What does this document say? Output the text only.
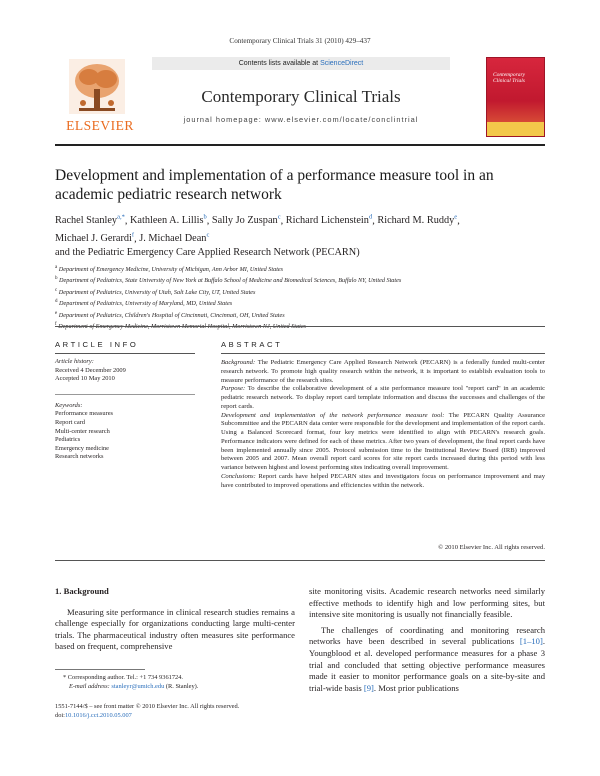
Contemporary Clinical Trials 31 (2010) 429–437
ELSEVIER
Contents lists available at ScienceDirect
Contemporary Clinical Trials
journal homepage: www.elsevier.com/locate/conclintrial
Contemporary Clinical Trials
Development and implementation of a performance measure tool in an academic pediatric research network
Rachel Stanley$^{a,*}$, Kathleen A. Lillis$^b$, Sally Jo Zuspan$^c$, Richard Lichenstein$^d$, Richard M. Ruddy$^e$,
Michael J. Gerardi$^f$, J. Michael Dean$^c$
and the Pediatric Emergency Care Applied Research Network (PECARN)
$^a$ Department of Emergency Medicine, University of Michigan, Ann Arbor MI, United States
$^b$ Department of Pediatrics, State University of New York at Buffalo School of Medicine and Biomedical Sciences, Buffalo NY, United States
$^c$ Department of Pediatrics, University of Utah, Salt Lake City, UT, United States
$^d$ Department of Pediatrics, University of Maryland, MD, United States
$^e$ Department of Pediatrics, Children's Hospital of Cincinnati, Cincinnati, OH, United States
$^f$
ARTICLE INFO
Article history:
Received 4 December 2009
Accepted 10 May 2010
Keywords:
Performance measures
Report card
Multi-center research
Pediatrics
Emergency medicine
Research networks
ABSTRACT

Background: The Pediatric Emergency Care Applied Research Network (PECARN) is a federally funded multi-center research network. To promote high quality research within the network, it is important to establish evaluation tools to measure performance of the research sites.

Purpose: To describe the collaborative development of a site performance measure tool "report card" in an academic pediatric research network. To display report card template information and discuss the successes and challenges of the report cards.

Development and implementation of the network performance measure tool: The PECARN Quality Assurance Subcommittee and the PECARN data center were responsible for the development and implementation of the report cards. Using a Balanced Scorecard format, four key metrics were identified to align with PECARN's research goals. Performance indicators were defined for each of these metrics. After two years of development, the final report cards have been implemented annually since 2005. Protocol submission time to the Institutional Review Board (IRB) improved between 2005 and 2007. Mean overall report card scores for site report cards increased during this period with less variance between highest and lowest performing sites indicating overall improvement.

Conclusions: Report cards have helped PECARN sites and investigators focus on performance improvement and may have contributed to improved operations and efficiencies within the network.

© 2010 Elsevier Inc. All rights reserved.
1. Background

Measuring site performance in clinical research studies remains a challenge especially for organizations conducting large multi-center trials. The pharmaceutical industry often measures site performance based on frequent, comprehensive

site monitoring visits. Academic research networks need similarly effective methods to identify high and low performing sites, but intensive site monitoring is usually not financially feasible.

The challenges of coordinating and monitoring research networks have been described in several publications [1–10]. Youngblood et al. developed performance measures for a phase 3 trial and concluded that setting objective performance measures made it easier to monitor performance goals on a site-by-site and trial-wide basis [9]. Most prior publications

* Corresponding author. Tel.: +1 734 9361724.
E-mail address: stanleyr@umich.edu (R. Stanley).
1551-7144/$ – see front matter © 2010 Elsevier Inc. All rights reserved.
doi:10.1016/j.cct.2010.05.007
